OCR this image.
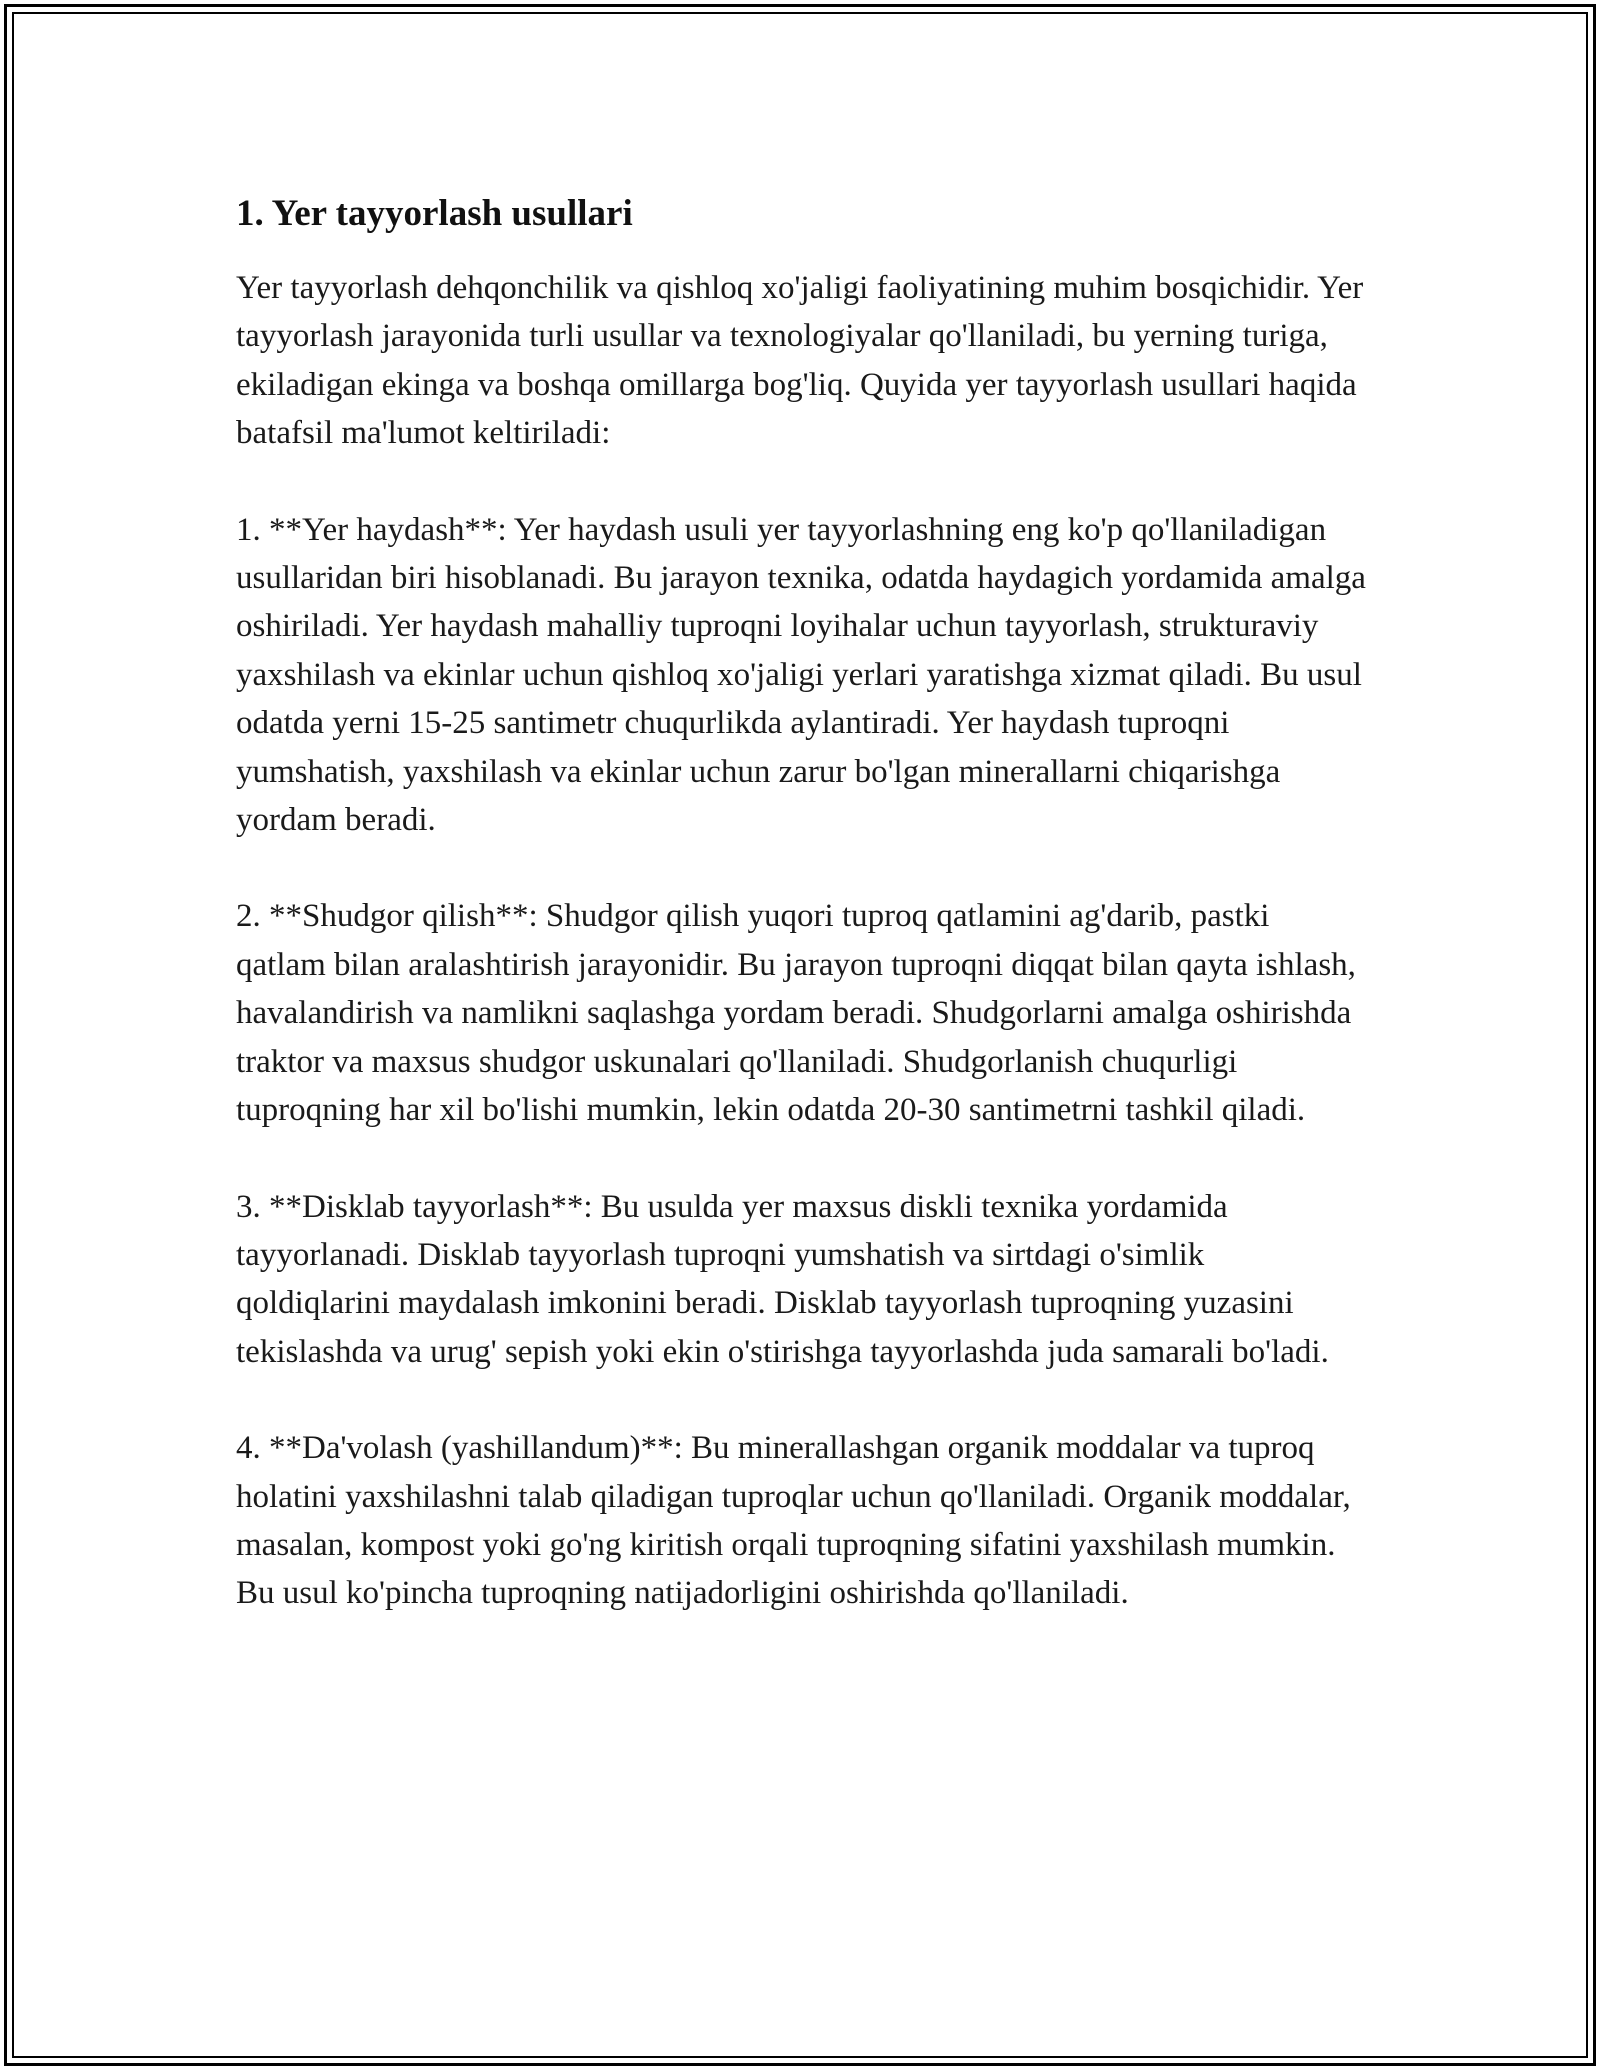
1. Yer tayyorlash usullari

Yer tayyorlash dehqonchilik va qishloq xo'jaligi faoliyatining muhim bosqichidir. Yer tayyorlash jarayonida turli usullar va texnologiyalar qo'llaniladi, bu yerning turiga, ekiladigan ekinga va boshqa omillarga bog'liq. Quyida yer tayyorlash usullari haqida batafsil ma'lumot keltiriladi:

1. **Yer haydash**: Yer haydash usuli yer tayyorlashning eng ko'p qo'llaniladigan usullaridan biri hisoblanadi. Bu jarayon texnika, odatda haydagich yordamida amalga oshiriladi. Yer haydash mahalliy tuproqni loyihalar uchun tayyorlash, strukturaviy yaxshilash va ekinlar uchun qishloq xo'jaligi yerlari yaratishga xizmat qiladi. Bu usul odatda yerni 15-25 santimetr chuqurlikda aylantiradi. Yer haydash tuproqni yumshatish, yaxshilash va ekinlar uchun zarur bo'lgan minerallarni chiqarishga yordam beradi.

2. **Shudgor qilish**: Shudgor qilish yuqori tuproq qatlamini ag'darib, pastki qatlam bilan aralashtirish jarayonidir. Bu jarayon tuproqni diqqat bilan qayta ishlash, havalandirish va namlikni saqlashga yordam beradi. Shudgorlarni amalga oshirishda traktor va maxsus shudgor uskunalari qo'llaniladi. Shudgorlanish chuqurligi tuproqning har xil bo'lishi mumkin, lekin odatda 20-30 santimetrni tashkil qiladi.

3. **Disklab tayyorlash**: Bu usulda yer maxsus diskli texnika yordamida tayyorlanadi. Disklab tayyorlash tuproqni yumshatish va sirtdagi o'simlik qoldiqlarini maydalash imkonini beradi. Disklab tayyorlash tuproqning yuzasini tekislashda va urug' sepish yoki ekin o'stirishga tayyorlashda juda samarali bo'ladi.

4. **Da'volash (yashillandum)**: Bu minerallashgan organik moddalar va tuproq holatini yaxshilashni talab qiladigan tuproqlar uchun qo'llaniladi. Organik moddalar, masalan, kompost yoki go'ng kiritish orqali tuproqning sifatini yaxshilash mumkin. Bu usul ko'pincha tuproqning natijadorligini oshirishda qo'llaniladi.
